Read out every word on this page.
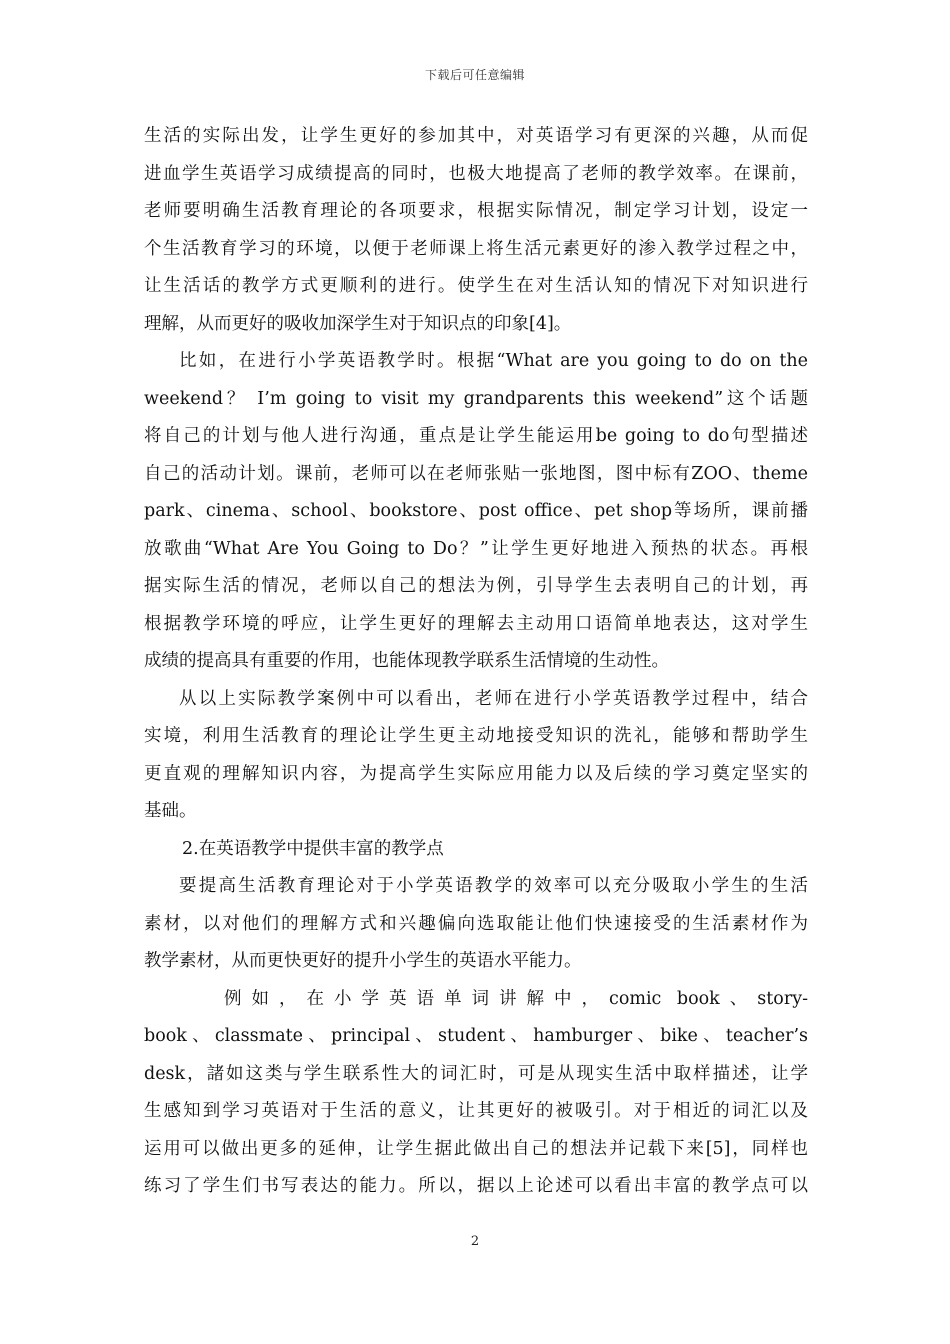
下载后可任意编辑
生活的实际出发，让学生更好的参加其中，对英语学习有更深的兴趣，从而促
进血学生英语学习成绩提高的同时，也极大地提高了老师的教学效率。在课前，
老师要明确生活教育理论的各项要求，根据实际情况，制定学习计划，设定一
个生活教育学习的环境，以便于老师课上将生活元素更好的渗入教学过程之中，
让生活话的教学方式更顺利的进行。使学生在对生活认知的情况下对知识进行
理解，从而更好的吸收加深学生对于知识点的印象[4]。
比如，在进行小学英语教学时。根据“What are you going to do on the
weekend？ I’m going to visit my grandparents this weekend”这个话题
将自己的计划与他人进行沟通，重点是让学生能运用be going to do句型描述
自己的活动计划。课前，老师可以在老师张贴一张地图，图中标有ZOO、theme
park、cinema、school、bookstore、post office、pet shop等场所，课前播
放歌曲“What Are You Going to Do？”让学生更好地进入预热的状态。再根
据实际生活的情况，老师以自己的想法为例，引导学生去表明自己的计划，再
根据教学环境的呼应，让学生更好的理解去主动用口语简单地表达，这对学生
成绩的提高具有重要的作用，也能体现教学联系生活情境的生动性。
从以上实际教学案例中可以看出，老师在进行小学英语教学过程中，结合
实境，利用生活教育的理论让学生更主动地接受知识的洗礼，能够和帮助学生
更直观的理解知识内容，为提高学生实际应用能力以及后续的学习奠定坚实的
基础。
2.在英语教学中提供丰富的教学点
要提高生活教育理论对于小学英语教学的效率可以充分吸取小学生的生活
素材，以对他们的理解方式和兴趣偏向选取能让他们快速接受的生活素材作为
教学素材，从而更快更好的提升小学生的英语水平能力。
例如，在小学英语单词讲解中，comic book、story-
book、classmate、principal、student、hamburger、bike、teacher’s
desk，諸如这类与学生联系性大的词汇时，可是从现实生活中取样描述，让学
生感知到学习英语对于生活的意义，让其更好的被吸引。对于相近的词汇以及
运用可以做出更多的延伸，让学生据此做出自己的想法并记载下来[5]，同样也
练习了学生们书写表达的能力。所以，据以上论述可以看出丰富的教学点可以
2
